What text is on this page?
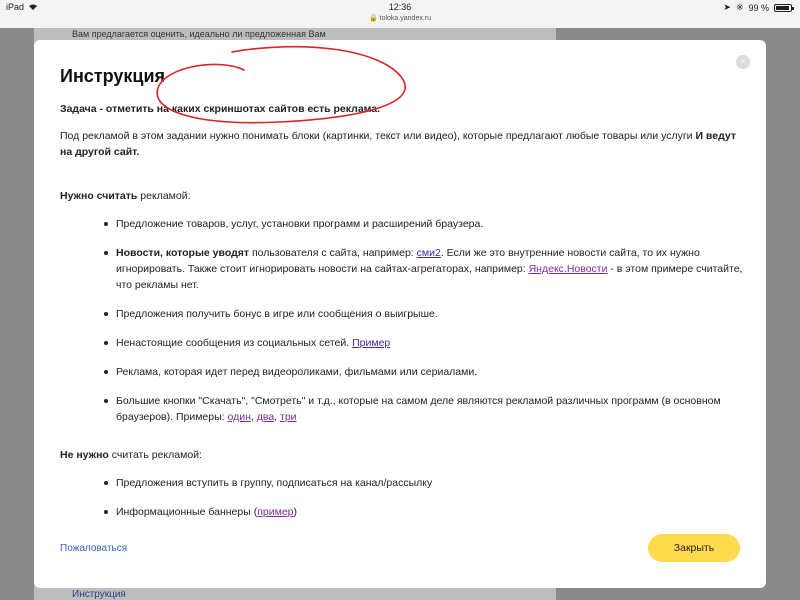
iPad	12:36
🔒 toloka.yandex.ru
➤ ※ 99 %
Вам предлагается оценить, идеально ли предложенная Вам
Инструкция
×
Инструкция

Задача - отметить на каких скриншотах сайтов есть реклама.

Под рекламой в этом задании нужно понимать блоки (картинки, текст или видео), которые предлагают любые товары или услуги И ведут на другой сайт.

Нужно считать рекламой:

Предложение товаров, услуг, установки программ и расширений браузера.
Новости, которые уводят пользователя с сайта, например: сми2. Если же это внутренние новости сайта, то их нужно игнорировать. Также стоит игнорировать новости на сайтах-агрегаторах, например: Яндекс.Новости - в этом примере считайте, что рекламы нет.
Предложения получить бонус в игре или сообщения о выигрыше.
Ненастоящие сообщения из социальных сетей. Пример
Реклама, которая идет перед видеороликами, фильмами или сериалами.
Большие кнопки "Скачать", "Смотреть" и т.д., которые на самом деле являются рекламой различных программ (в основном браузеров). Примеры: один, два, три

Не нужно считать рекламой:

Предложения вступить в группу, подписаться на канал/рассылку
Информационные баннеры (пример)
Пожаловаться	Закрыть
